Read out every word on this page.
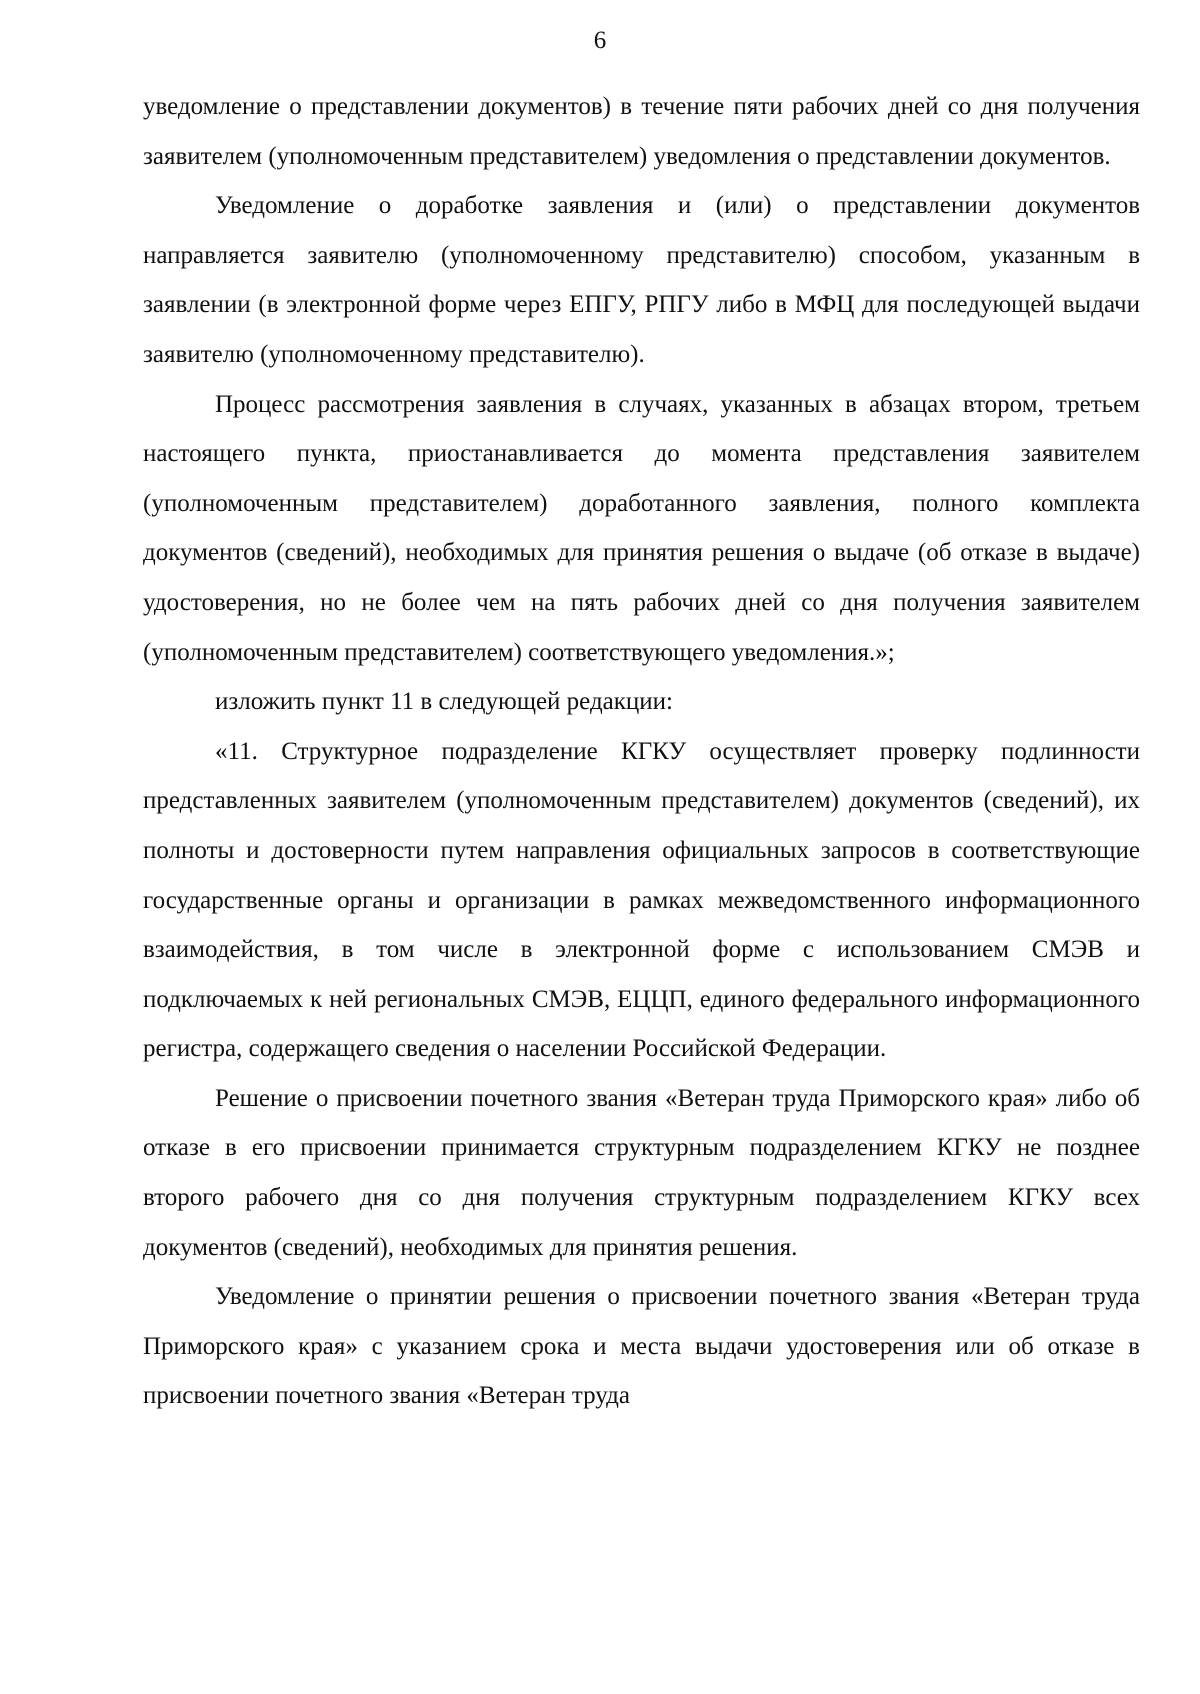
6

уведомление о представлении документов) в течение пяти рабочих дней со дня получения заявителем (уполномоченным представителем) уведомления о представлении документов.

Уведомление о доработке заявления и (или) о представлении документов направляется заявителю (уполномоченному представителю) способом, указанным в заявлении (в электронной форме через ЕПГУ, РПГУ либо в МФЦ для последующей выдачи заявителю (уполномоченному представителю).

Процесс рассмотрения заявления в случаях, указанных в абзацах втором, третьем настоящего пункта, приостанавливается до момента представления заявителем (уполномоченным представителем) доработанного заявления, полного комплекта документов (сведений), необходимых для принятия решения о выдаче (об отказе в выдаче) удостоверения, но не более чем на пять рабочих дней со дня получения заявителем (уполномоченным представителем) соответствующего уведомления.»;

изложить пункт 11 в следующей редакции:

«11. Структурное подразделение КГКУ осуществляет проверку подлинности представленных заявителем (уполномоченным представителем) документов (сведений), их полноты и достоверности путем направления официальных запросов в соответствующие государственные органы и организации в рамках межведомственного информационного взаимодействия, в том числе в электронной форме с использованием СМЭВ и подключаемых к ней региональных СМЭВ, ЕЦЦП, единого федерального информационного регистра, содержащего сведения о населении Российской Федерации.

Решение о присвоении почетного звания «Ветеран труда Приморского края» либо об отказе в его присвоении принимается структурным подразделением КГКУ не позднее второго рабочего дня со дня получения структурным подразделением КГКУ всех документов (сведений), необходимых для принятия решения.

Уведомление о принятии решения о присвоении почетного звания «Ветеран труда Приморского края» с указанием срока и места выдачи удостоверения или об отказе в присвоении почетного звания «Ветеран труда
